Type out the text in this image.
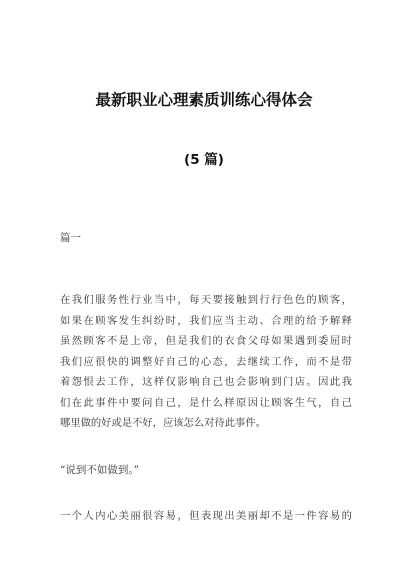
最新职业心理素质训练心得体会
(5 篇)
篇一
在 我 们 服 务 性 行 业 当 中 ， 每 天 要 接 触 到 行 行 色 色 的 顾 客 ，
如 果 在 顾 客 发 生 纠 纷 时 ， 我 们 应 当 主 动 、 合 理 的 给 予 解 释
虽 然 顾 客 不 是 上 帝 ， 但 是 我 们 的 衣 食 父 母 如 果 遇 到 委 屈 时
我 们 应 很 快 的 调 整 好 自 己 的 心 态 ， 去 继 续 工 作 ， 而 不 是 带
着 怨 恨 去 工 作 ， 这 样 仅 影 响 自 己 也 会 影 响 到 门 店 。 因 此 我
们 在 此 事 件 中 要 问 自 己 ， 是 什 么 样 原 因 让 顾 客 生 气 ， 自 己
哪里做的好或是不好，应该怎么对待此事件。
“说到不如做到。”
一 个 人 内 心 美 丽 很 容 易 ， 但 表 现 出 美 丽 却 不 是 一 件 容 易 的
